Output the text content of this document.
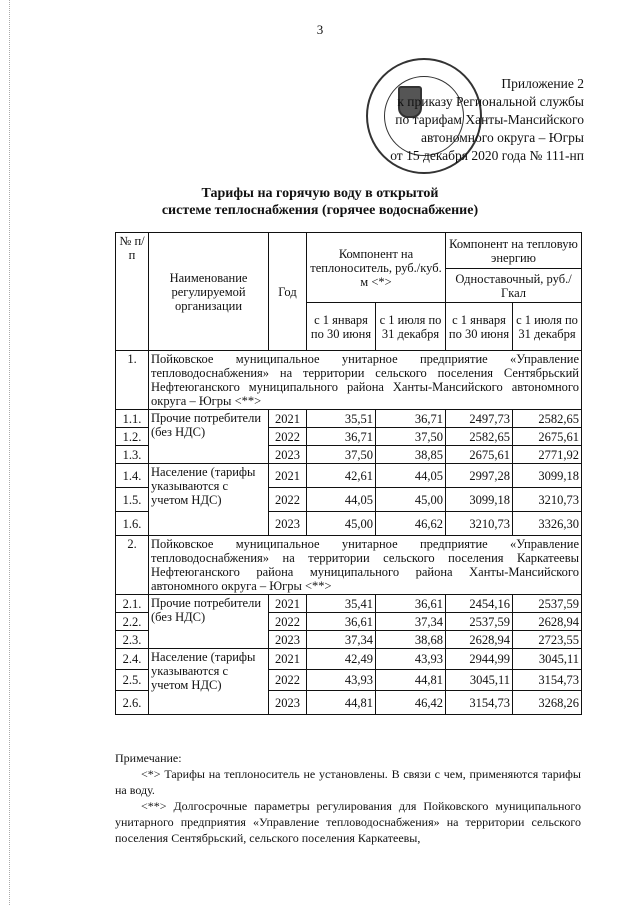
3
Приложение 2
к приказу Региональной службы
по тарифам Ханты-Мансийского
автономного округа – Югры
от 15 декабря 2020 года № 111-нп
Тарифы на горячую воду в открытой
системе теплоснабжения (горячее водоснабжение)
№ п/п	Наименование регулируемой организации	Год	Компонент на теплоноситель, руб./куб. м <*>		Компонент на тепловую энергию	
					Одноставочный, руб./Гкал	
			с 1 января по 30 июня	с 1 июля по 31 декабря	с 1 января по 30 июня	с 1 июля по 31 декабря
1.	Пойковское муниципальное унитарное предприятие «Управление тепловодоснабжения» на территории сельского поселения Сентябрьский Нефтеюганского муниципального района Ханты-Мансийского автономного округа – Югры <**>					
1.1.	Прочие потребители (без НДС)	2021	35,51	36,71	2497,73	2582,65
1.2.		2022	36,71	37,50	2582,65	2675,61
1.3.		2023	37,50	38,85	2675,61	2771,92
1.4.	Население (тарифы указываются с учетом НДС)	2021	42,61	44,05	2997,28	3099,18
1.5.		2022	44,05	45,00	3099,18	3210,73
1.6.		2023	45,00	46,62	3210,73	3326,30
2.	Пойковское муниципальное унитарное предприятие «Управление тепловодоснабжения» на территории сельского поселения Каркатеевы Нефтеюганского района муниципального района Ханты-Мансийского автономного округа – Югры <**>					
2.1.	Прочие потребители (без НДС)	2021	35,41	36,61	2454,16	2537,59
2.2.		2022	36,61	37,34	2537,59	2628,94
2.3.		2023	37,34	38,68	2628,94	2723,55
2.4.	Население (тарифы указываются с учетом НДС)	2021	42,49	43,93	2944,99	3045,11
2.5.		2022	43,93	44,81	3045,11	3154,73
2.6.		2023	44,81	46,42	3154,73	3268,26

Примечание:

<*> Тарифы на теплоноситель не установлены. В связи с чем, применяются тарифы на воду.

<**> Долгосрочные параметры регулирования для Пойковского муниципального унитарного предприятия «Управление тепловодоснабжения» на территории сельского поселения Сентябрьский, сельского поселения Каркатеевы,
